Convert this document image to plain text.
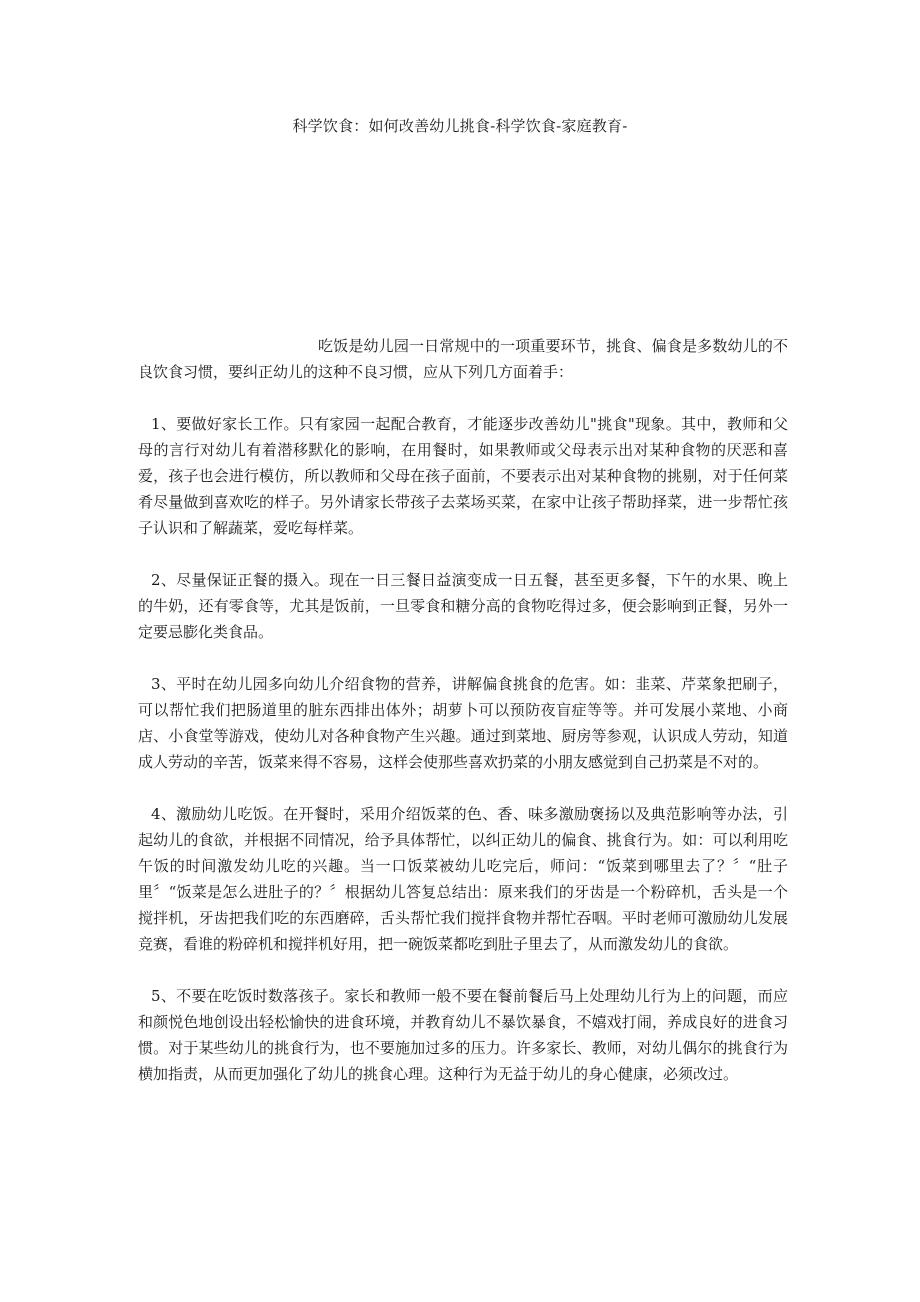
科学饮食：如何改善幼儿挑食-科学饮食-家庭教育-

吃饭是幼儿园一日常规中的一项重要环节，挑食、偏食是多数幼儿的不良饮食习惯，要纠正幼儿的这种不良习惯，应从下列几方面着手：

1、要做好家长工作。只有家园一起配合教育，才能逐步改善幼儿"挑食"现象。其中，教师和父母的言行对幼儿有着潜移默化的影响，在用餐时，如果教师或父母表示出对某种食物的厌恶和喜爱，孩子也会进行模仿，所以教师和父母在孩子面前，不要表示出对某种食物的挑剔，对于任何菜肴尽量做到喜欢吃的样子。另外请家长带孩子去菜场买菜，在家中让孩子帮助择菜，进一步帮忙孩子认识和了解蔬菜，爱吃每样菜。

2、尽量保证正餐的摄入。现在一日三餐日益演变成一日五餐，甚至更多餐，下午的水果、晚上的牛奶，还有零食等，尤其是饭前，一旦零食和糖分高的食物吃得过多，便会影响到正餐，另外一定要忌膨化类食品。

3、平时在幼儿园多向幼儿介绍食物的营养，讲解偏食挑食的危害。如：韭菜、芹菜象把刷子，可以帮忙我们把肠道里的脏东西排出体外；胡萝卜可以预防夜盲症等等。并可发展小菜地、小商店、小食堂等游戏，使幼儿对各种食物产生兴趣。通过到菜地、厨房等参观，认识成人劳动，知道成人劳动的辛苦，饭菜来得不容易，这样会使那些喜欢扔菜的小朋友感觉到自己扔菜是不对的。

4、激励幼儿吃饭。在开餐时，采用介绍饭菜的色、香、味多激励褒扬以及典范影响等办法，引起幼儿的食欲，并根据不同情况，给予具体帮忙，以纠正幼儿的偏食、挑食行为。如：可以利用吃午饭的时间激发幼儿吃的兴趣。当一口饭菜被幼儿吃完后，师问：“饭菜到哪里去了？〞“肚子里〞“饭菜是怎么进肚子的？〞根据幼儿答复总结出：原来我们的牙齿是一个粉碎机，舌头是一个搅拌机，牙齿把我们吃的东西磨碎，舌头帮忙我们搅拌食物并帮忙吞咽。平时老师可激励幼儿发展竞赛，看谁的粉碎机和搅拌机好用，把一碗饭菜都吃到肚子里去了，从而激发幼儿的食欲。

5、不要在吃饭时数落孩子。家长和教师一般不要在餐前餐后马上处理幼儿行为上的问题，而应和颜悦色地创设出轻松愉快的进食环境，并教育幼儿不暴饮暴食，不嬉戏打闹，养成良好的进食习惯。对于某些幼儿的挑食行为，也不要施加过多的压力。许多家长、教师，对幼儿偶尔的挑食行为横加指责，从而更加强化了幼儿的挑食心理。这种行为无益于幼儿的身心健康，必须改过。
